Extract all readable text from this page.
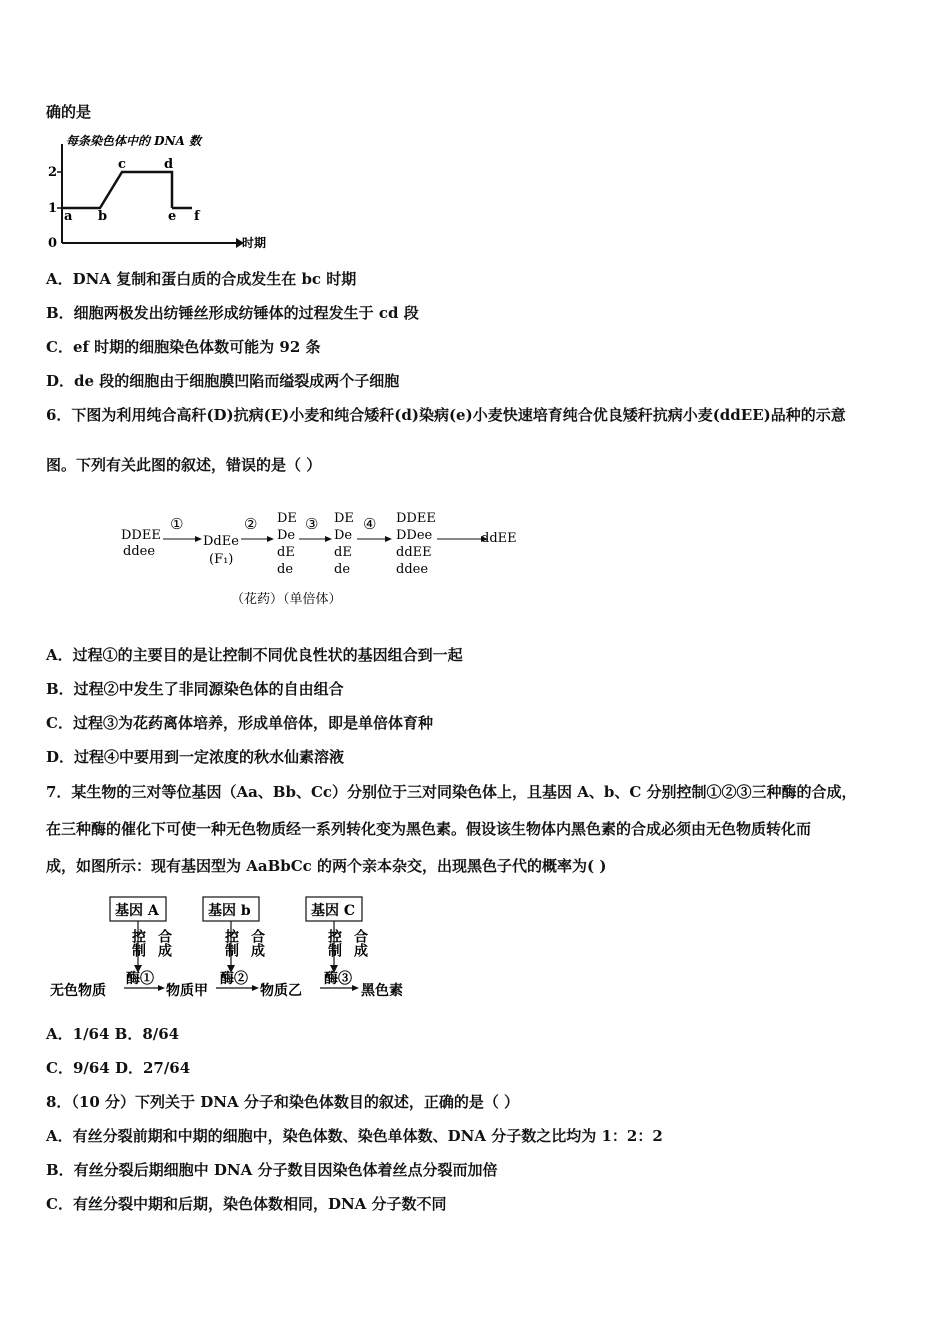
确的是
每条染色体中的 DNA 数
0
1
2
a b
c	d
e f
时期
A．DNA 复制和蛋白质的合成发生在 bc 时期
B．细胞两极发出纺锤丝形成纺锤体的过程发生于 cd 段
C．ef 时期的细胞染色体数可能为 92 条
D．de 段的细胞由于细胞膜凹陷而缢裂成两个子细胞
6．下图为利用纯合高秆(D)抗病(E)小麦和纯合矮秆(d)染病(e)小麦快速培育纯合优良矮秆抗病小麦(ddEE)品种的示意
图。下列有关此图的叙述，错误的是（ ）
DDEE
ddee
①
DdEe
(F₁)
② DE
De
dE
de
③ DE
De
dE
de
④ DDEE
DDee
ddEE
ddee
ddEE
（花药）（单倍体）
A．过程①的主要目的是让控制不同优良性状的基因组合到一起
B．过程②中发生了非同源染色体的自由组合
C．过程③为花药离体培养，形成单倍体，即是单倍体育种
D．过程④中要用到一定浓度的秋水仙素溶液
7．某生物的三对等位基因（Aa、Bb、Cc）分别位于三对同染色体上，且基因 A、b、C 分别控制①②③三种酶的合成，
在三种酶的催化下可使一种无色物质经一系列转化变为黑色素。假设该生物体内黑色素的合成必须由无色物质转化而
成，如图所示：现有基因型为 AaBbCc 的两个亲本杂交，出现黑色子代的概率为( )
基因 A	基因 b	基因 C
控制
合成	控制
合成	控制
合成
酶①	酶②	酶③
无色物质	物质甲	物质乙	黑色素
A．1/64 B．8/64
C．9/64 D．27/64
8．（10 分）下列关于 DNA 分子和染色体数目的叙述，正确的是（ ）
A．有丝分裂前期和中期的细胞中，染色体数、染色单体数、DNA 分子数之比均为 1：2：2
B．有丝分裂后期细胞中 DNA 分子数目因染色体着丝点分裂而加倍
C．有丝分裂中期和后期，染色体数相同，DNA 分子数不同
